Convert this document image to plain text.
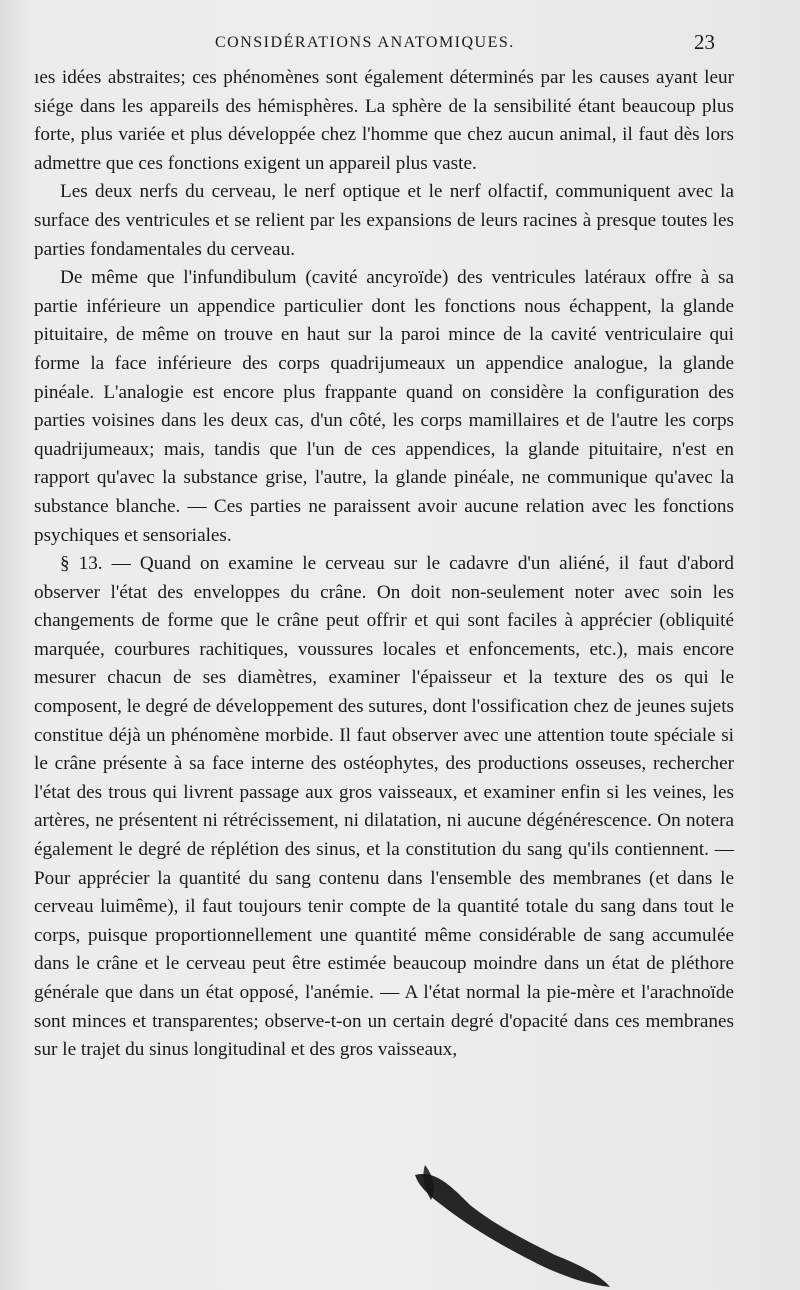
CONSIDÉRATIONS ANATOMIQUES.	23

ıes idées abstraites; ces phénomènes sont également déterminés par les causes ayant leur siége dans les appareils des hémisphères. La sphère de la sensibilité étant beaucoup plus forte, plus variée et plus développée chez l'homme que chez aucun animal, il faut dès lors admettre que ces fonctions exigent un appareil plus vaste.

Les deux nerfs du cerveau, le nerf optique et le nerf olfactif, communiquent avec la surface des ventricules et se relient par les expansions de leurs racines à presque toutes les parties fondamentales du cerveau.

De même que l'infundibulum (cavité ancyroïde) des ventricules latéraux offre à sa partie inférieure un appendice particulier dont les fonctions nous échappent, la glande pituitaire, de même on trouve en haut sur la paroi mince de la cavité ventriculaire qui forme la face inférieure des corps quadrijumeaux un appendice analogue, la glande pinéale. L'analogie est encore plus frappante quand on considère la configuration des parties voisines dans les deux cas, d'un côté, les corps mamillaires et de l'autre les corps quadrijumeaux; mais, tandis que l'un de ces appendices, la glande pituitaire, n'est en rapport qu'avec la substance grise, l'autre, la glande pinéale, ne communique qu'avec la substance blanche. — Ces parties ne paraissent avoir aucune relation avec les fonctions psychiques et sensoriales.

§ 13. — Quand on examine le cerveau sur le cadavre d'un aliéné, il faut d'abord observer l'état des enveloppes du crâne. On doit non-seulement noter avec soin les changements de forme que le crâne peut offrir et qui sont faciles à apprécier (obliquité marquée, courbures rachitiques, voussures locales et enfoncements, etc.), mais encore mesurer chacun de ses diamètres, examiner l'épaisseur et la texture des os qui le composent, le degré de développement des sutures, dont l'ossification chez de jeunes sujets constitue déjà un phénomène morbide. Il faut observer avec une attention toute spéciale si le crâne présente à sa face interne des ostéophytes, des productions osseuses, rechercher l'état des trous qui livrent passage aux gros vaisseaux, et examiner enfin si les veines, les artères, ne présentent ni rétrécissement, ni dilatation, ni aucune dégénérescence. On notera également le degré de réplétion des sinus, et la constitution du sang qu'ils contiennent. — Pour apprécier la quantité du sang contenu dans l'ensemble des membranes (et dans le cerveau luimême), il faut toujours tenir compte de la quantité totale du sang dans tout le corps, puisque proportionnellement une quantité même considérable de sang accumulée dans le crâne et le cerveau peut être estimée beaucoup moindre dans un état de pléthore générale que dans un état opposé, l'anémie. — A l'état normal la pie-mère et l'arachnoïde sont minces et transparentes; observe-t-on un certain degré d'opacité dans ces membranes sur le trajet du sinus longitudinal et des gros vaisseaux,
